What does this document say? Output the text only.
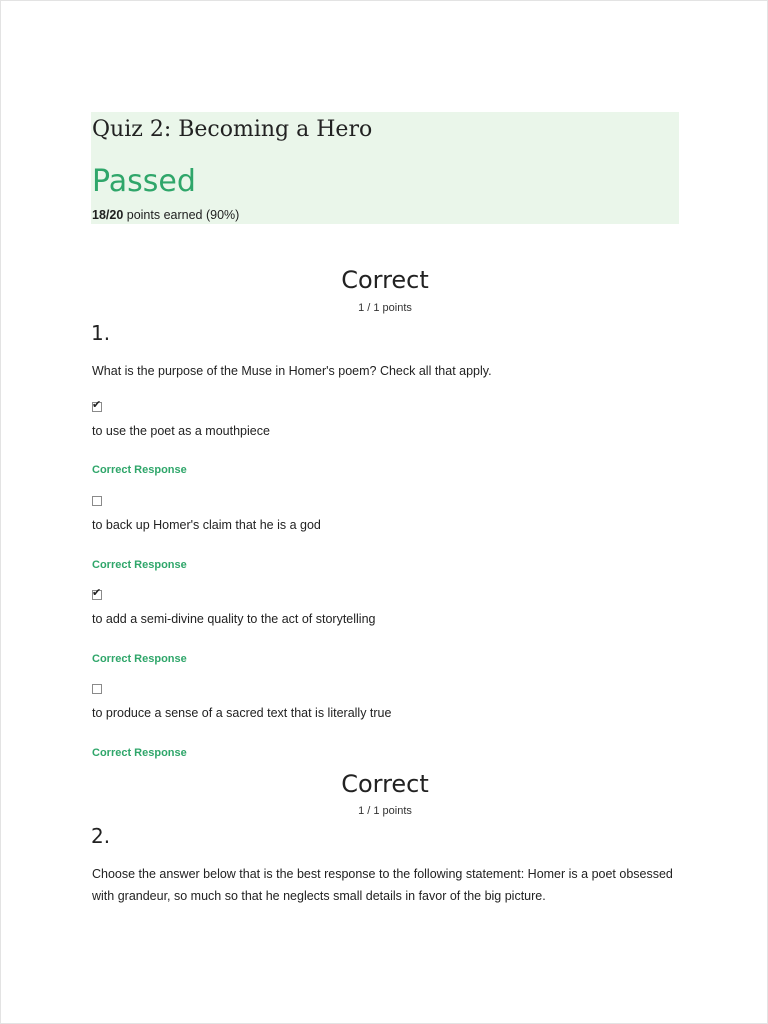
Quiz 2: Becoming a Hero
Passed
18/20 points earned (90%)
Correct
1 / 1 points
1.
What is the purpose of the Muse in Homer's poem? Check all that apply.
✔
to use the poet as a mouthpiece
Correct Response
to back up Homer's claim that he is a god
Correct Response
✔
to add a semi-divine quality to the act of storytelling
Correct Response
to produce a sense of a sacred text that is literally true
Correct Response
Correct
1 / 1 points
2.
Choose the answer below that is the best response to the following statement: Homer is a poet obsessed with grandeur, so much so that he neglects small details in favor of the big picture.
